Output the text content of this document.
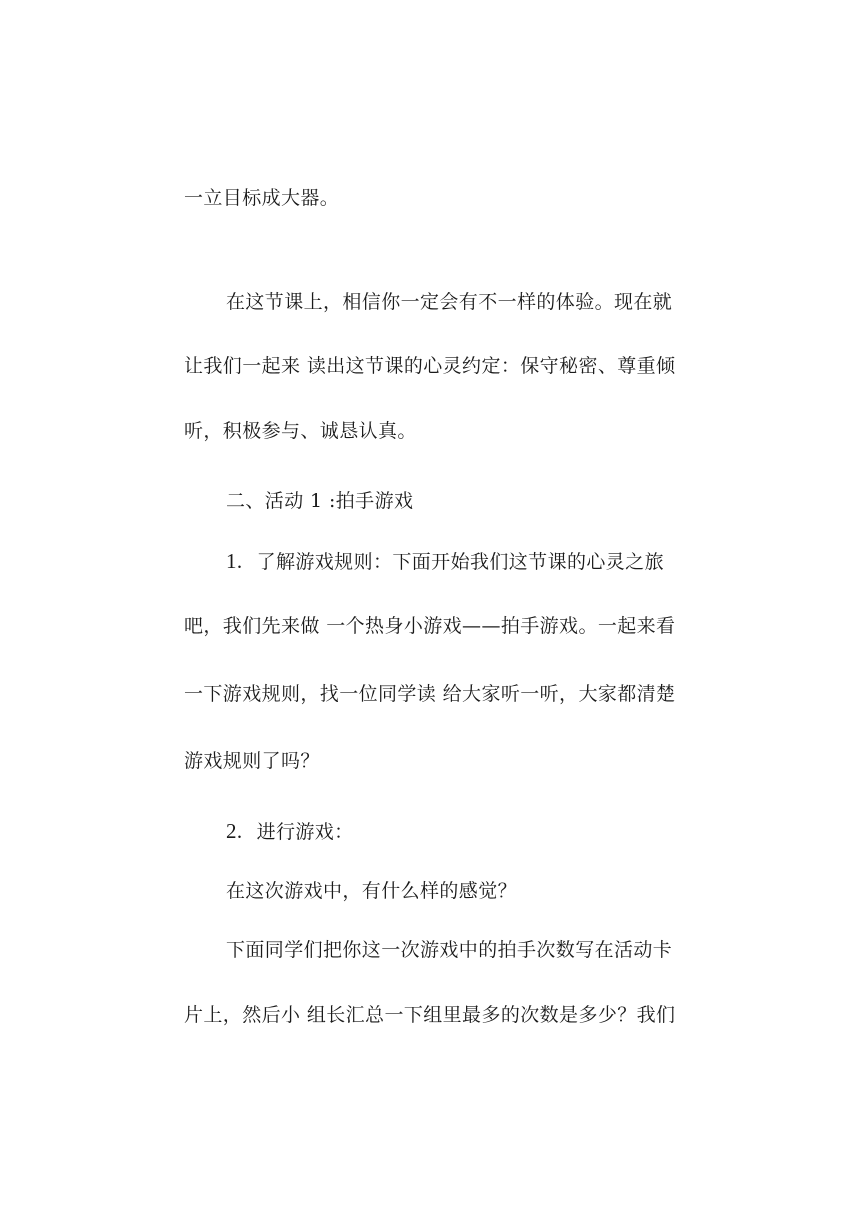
一立目标成大器。
在这节课上，相信你一定会有不一样的体验。现在就
让我们一起来 读出这节课的心灵约定：保守秘密、尊重倾
听，积极参与、诚恳认真。
二、活动 1 :拍手游戏
1. 了解游戏规则：下面开始我们这节课的心灵之旅
吧，我们先来做 一个热身小游戏——拍手游戏。一起来看
一下游戏规则，找一位同学读 给大家听一听，大家都清楚
游戏规则了吗？
2. 进行游戏：
在这次游戏中，有什么样的感觉？
下面同学们把你这一次游戏中的拍手次数写在活动卡
片上，然后小 组长汇总一下组里最多的次数是多少？我们
